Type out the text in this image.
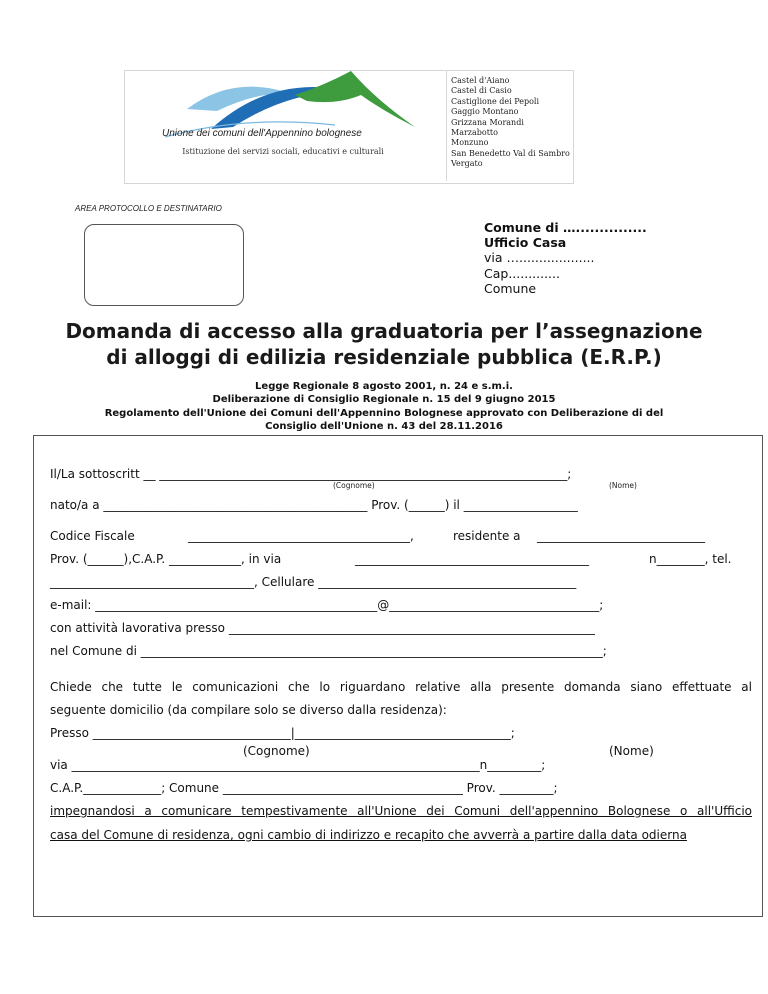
Unione dei comuni dell'Appennino bolognese
Istituzione dei servizi sociali, educativi e culturali
Castel d'Aiano
Castel di Casio
Castiglione dei Pepoli
Gaggio Montano
Grizzana Morandi
Marzabotto
Monzuno
San Benedetto Val di Sambro
Vergato
AREA PROTOCOLLO E DESTINATARIO
Comune di …...............
Ufficio Casa
via …...................
Cap.............
Comune
Domanda di accesso alla graduatoria per l’assegnazione
di alloggi di edilizia residenziale pubblica (E.R.P.)
Legge Regionale 8 agosto 2001, n. 24 e s.m.i.
Deliberazione di Consiglio Regionale n. 15 del 9 giugno 2015
Regolamento dell'Unione dei Comuni dell'Appennino Bolognese approvato con Deliberazione di del
Consiglio dell'Unione n. 43 del 28.11.2016
Il/La sottoscritt __ ____________________________________________________________________;
(Cognome)	(Nome)
nato/a a ____________________________________________ Prov. (______) il ___________________
Codice Fiscale	_____________________________________,	residente a ____________________________
Prov. (______),C.A.P. ____________, in via	_______________________________________	n________, tel.
__________________________________, Cellulare ___________________________________________
e-mail: _______________________________________________@___________________________________;
con attività lavorativa presso _____________________________________________________________
nel Comune di _____________________________________________________________________________;
Chiede che tutte le comunicazioni che lo riguardano relative alla presente domanda siano effettuate al
seguente domicilio (da compilare solo se diverso dalla residenza):
Presso _________________________________|____________________________________;
(Cognome)	(Nome)
via ____________________________________________________________________n_________;
C.A.P._____________; Comune ________________________________________ Prov. _________;
impegnandosi a comunicare tempestivamente all'Unione dei Comuni dell'appennino Bolognese o all'Ufficio
casa del Comune di residenza, ogni cambio di indirizzo e recapito che avverrà a partire dalla data odierna
